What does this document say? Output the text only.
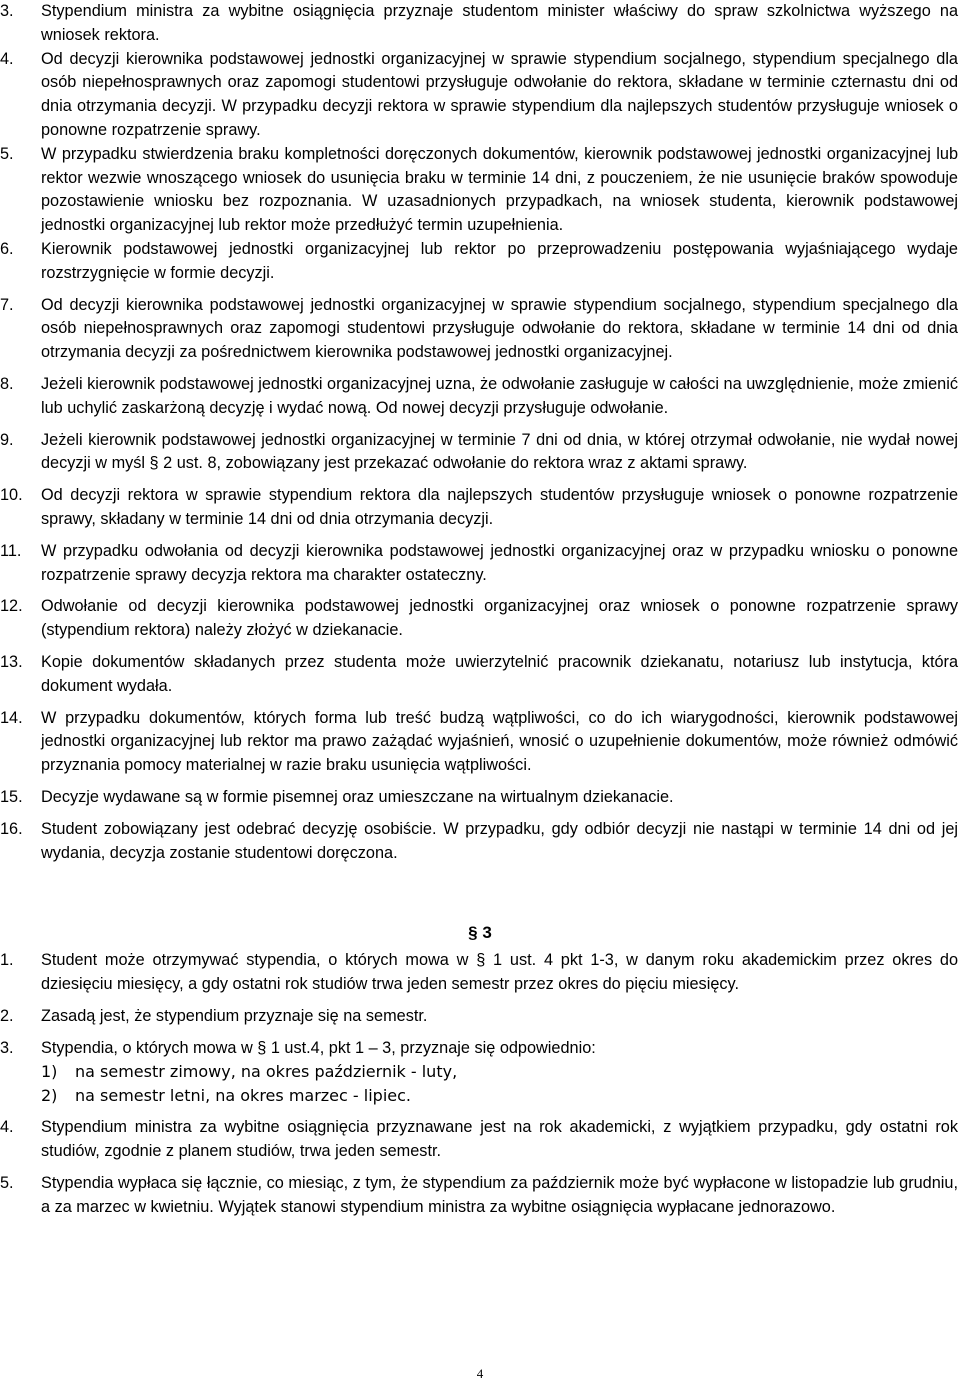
3.	Stypendium ministra za wybitne osiągnięcia przyznaje studentom minister właściwy do spraw szkolnictwa wyższego na wniosek rektora.
4.	Od decyzji kierownika podstawowej jednostki organizacyjnej w sprawie stypendium socjalnego, stypendium specjalnego dla osób niepełnosprawnych oraz zapomogi studentowi przysługuje odwołanie do rektora, składane w terminie czternastu dni od dnia otrzymania decyzji. W przypadku decyzji rektora w sprawie stypendium dla najlepszych studentów przysługuje wniosek o ponowne rozpatrzenie sprawy.
5.	W przypadku stwierdzenia braku kompletności doręczonych dokumentów, kierownik podstawowej jednostki organizacyjnej lub rektor wezwie wnoszącego wniosek do usunięcia braku w terminie 14 dni, z pouczeniem, że nie usunięcie braków spowoduje pozostawienie wniosku bez rozpoznania. W uzasadnionych przypadkach, na wniosek studenta, kierownik podstawowej jednostki organizacyjnej lub rektor może przedłużyć termin uzupełnienia.
6.	Kierownik podstawowej jednostki organizacyjnej lub rektor po przeprowadzeniu postępowania wyjaśniającego wydaje rozstrzygnięcie w formie decyzji.
7.	Od decyzji kierownika podstawowej jednostki organizacyjnej w sprawie stypendium socjalnego, stypendium specjalnego dla osób niepełnosprawnych oraz zapomogi studentowi przysługuje odwołanie do rektora, składane w terminie 14 dni od dnia otrzymania decyzji za pośrednictwem kierownika podstawowej jednostki organizacyjnej.
8.	Jeżeli kierownik podstawowej jednostki organizacyjnej uzna, że odwołanie zasługuje w całości na uwzględnienie, może zmienić lub uchylić zaskarżoną decyzję i wydać nową. Od nowej decyzji przysługuje odwołanie.
9.	Jeżeli kierownik podstawowej jednostki organizacyjnej w terminie 7 dni od dnia, w której otrzymał odwołanie, nie wydał nowej decyzji w myśl § 2 ust. 8, zobowiązany jest przekazać odwołanie do rektora wraz z aktami sprawy.
10.	Od decyzji rektora w sprawie stypendium rektora dla najlepszych studentów przysługuje wniosek o ponowne rozpatrzenie sprawy, składany w terminie 14 dni od dnia otrzymania decyzji.
11.	W przypadku odwołania od decyzji kierownika podstawowej jednostki organizacyjnej oraz w przypadku wniosku o ponowne rozpatrzenie sprawy decyzja rektora ma charakter ostateczny.
12.	Odwołanie od decyzji kierownika podstawowej jednostki organizacyjnej oraz wniosek o ponowne rozpatrzenie sprawy (stypendium rektora) należy złożyć w dziekanacie.
13.	Kopie dokumentów składanych przez studenta może uwierzytelnić pracownik dziekanatu, notariusz lub instytucja, która dokument wydała.
14.	W przypadku dokumentów, których forma lub treść budzą wątpliwości, co do ich wiarygodności, kierownik podstawowej jednostki organizacyjnej lub rektor ma prawo zażądać wyjaśnień, wnosić o uzupełnienie dokumentów, może również odmówić przyznania pomocy materialnej w razie braku usunięcia wątpliwości.
15.	Decyzje wydawane są w formie pisemnej oraz umieszczane na wirtualnym dziekanacie.
16.	Student zobowiązany jest odebrać decyzję osobiście. W przypadku, gdy odbiór decyzji nie nastąpi w terminie 14 dni od jej wydania, decyzja zostanie studentowi doręczona.
§ 3
1.	Student może otrzymywać stypendia, o których mowa w § 1 ust. 4 pkt 1-3, w danym roku akademickim przez okres do dziesięciu miesięcy, a gdy ostatni rok studiów trwa jeden semestr przez okres do pięciu miesięcy.
2.	Zasadą jest, że stypendium przyznaje się na semestr.
3.	Stypendia, o których mowa w § 1 ust.4, pkt 1 – 3, przyznaje się odpowiednio:
1)	na semestr zimowy, na okres październik - luty,
2)	na semestr letni, na okres marzec - lipiec.
4.	Stypendium ministra za wybitne osiągnięcia przyznawane jest na rok akademicki, z wyjątkiem przypadku, gdy ostatni rok studiów, zgodnie z planem studiów, trwa jeden semestr.
5.	Stypendia wypłaca się łącznie, co miesiąc, z tym, że stypendium za październik może być wypłacone w listopadzie lub grudniu, a za marzec w kwietniu. Wyjątek stanowi stypendium ministra za wybitne osiągnięcia wypłacane jednorazowo.
4
